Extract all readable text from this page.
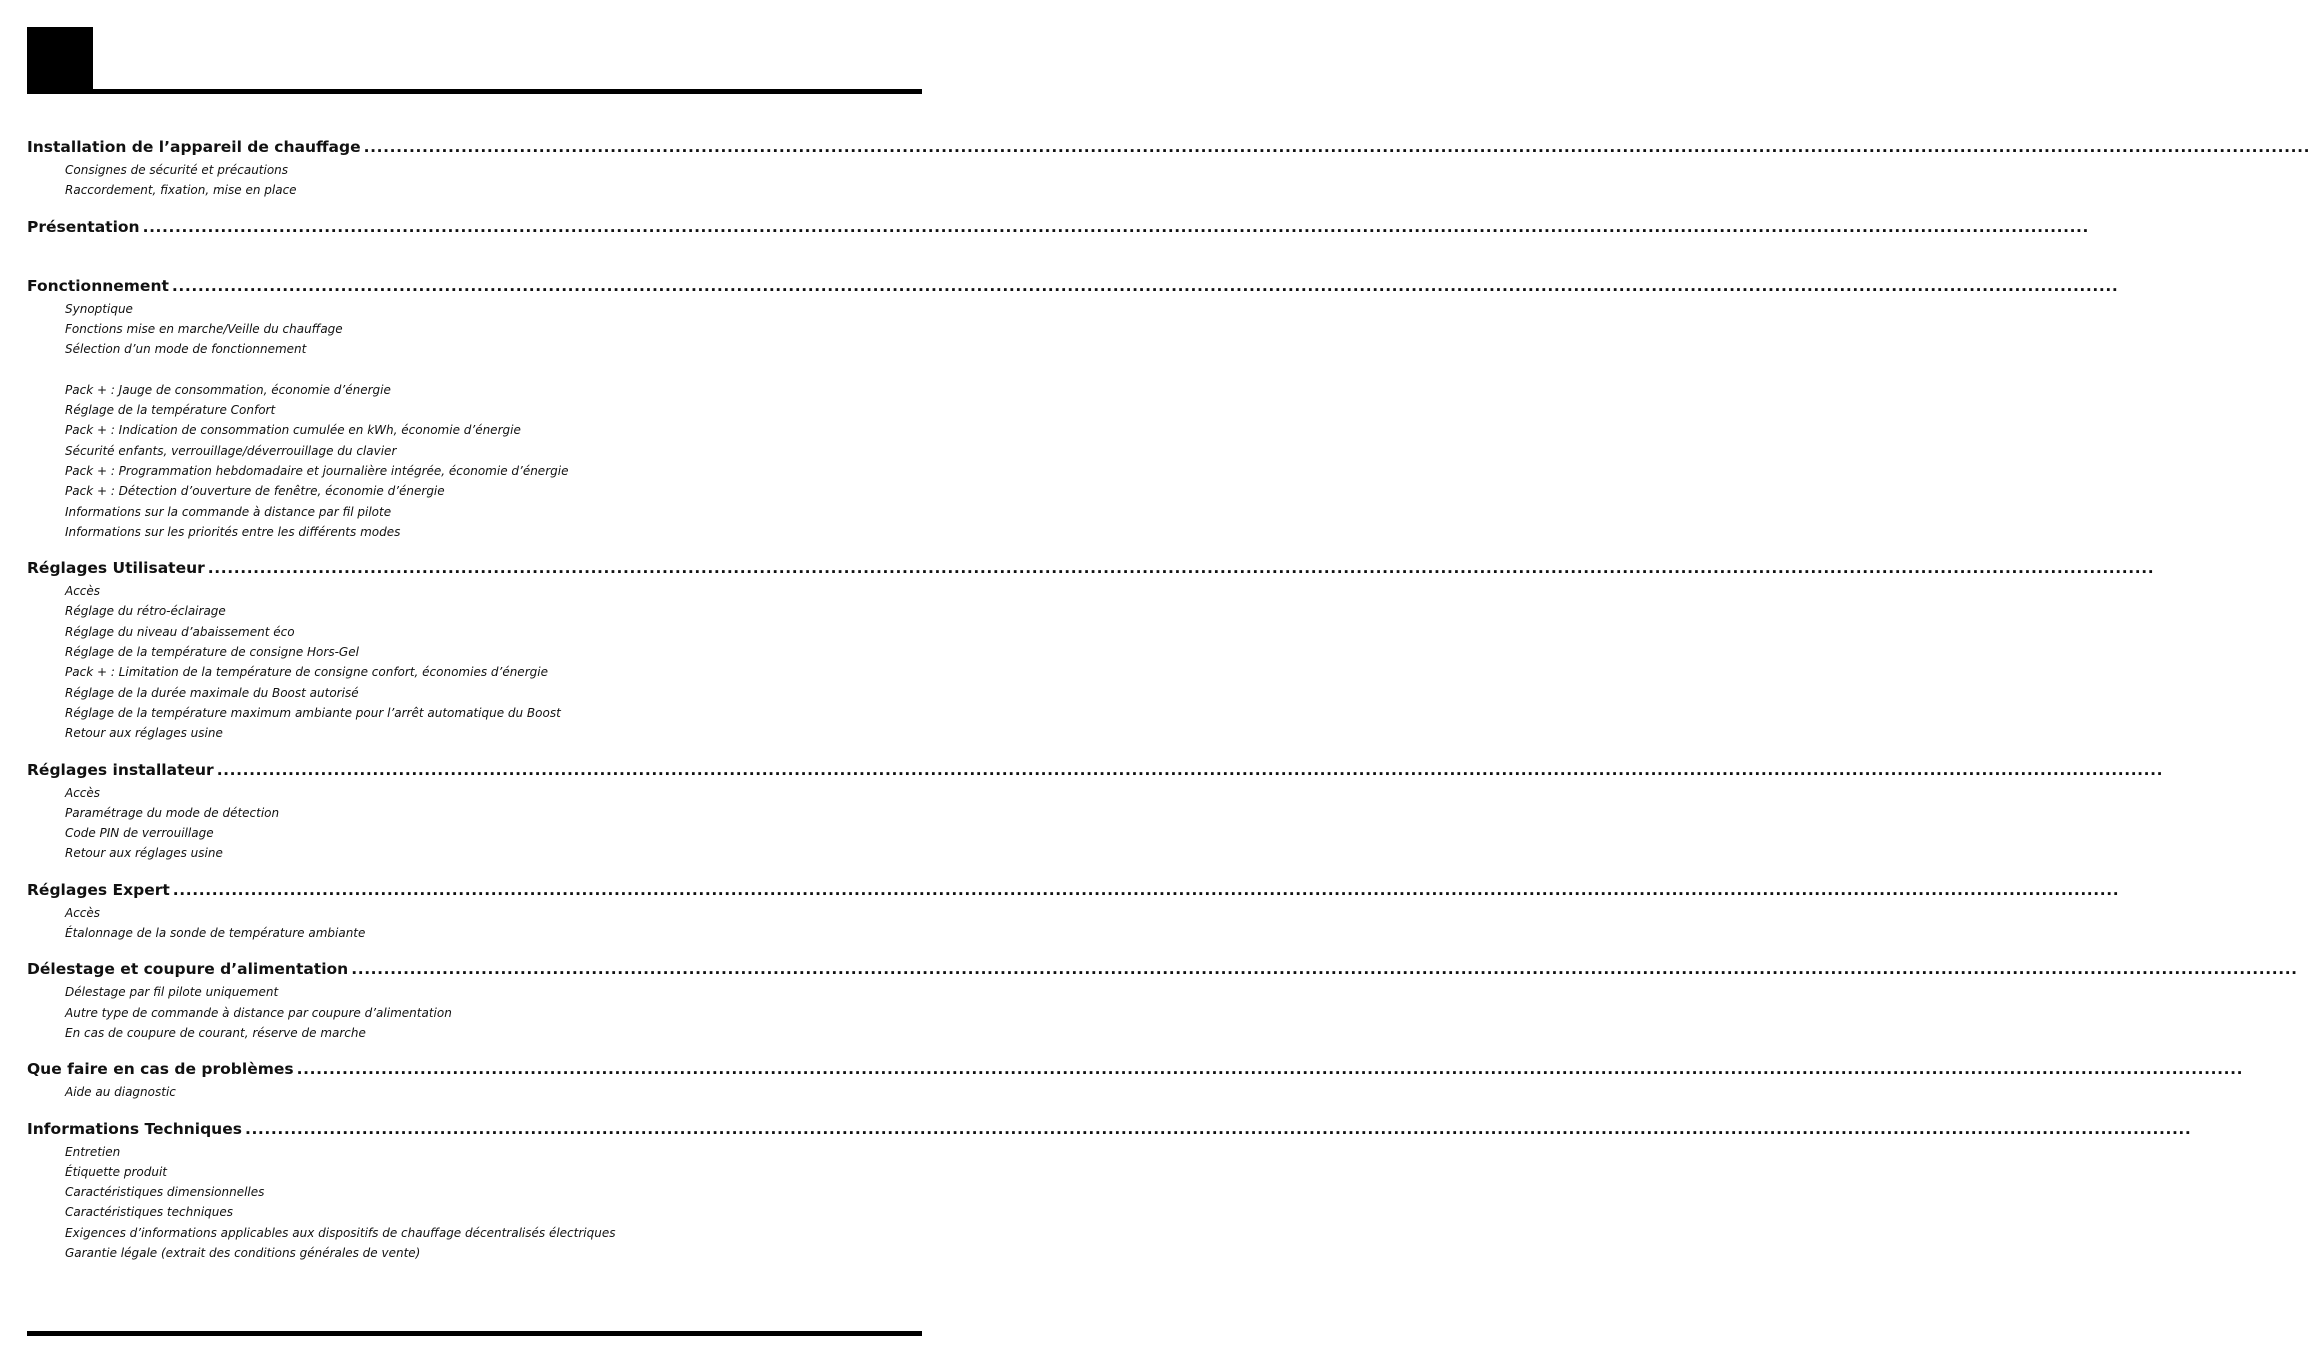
Installation de l’appareil de chauffage ............................................................................................................................................................................................................................................................................................................
Consignes de sécurité et précautions
Raccordement, fixation, mise en place
Présentation ............................................................................................................................................................................................................................................................................................................
Fonctionnement ............................................................................................................................................................................................................................................................................................................
Synoptique
Fonctions mise en marche/Veille du chauffage
Sélection d’un mode de fonctionnement
Pack + : Jauge de consommation, économie d’énergie
Réglage de la température Confort
Pack + : Indication de consommation cumulée en kWh, économie d’énergie
Sécurité enfants, verrouillage/déverrouillage du clavier
Pack + : Programmation hebdomadaire et journalière intégrée, économie d’énergie
Pack + : Détection d’ouverture de fenêtre, économie d’énergie
Informations sur la commande à distance par fil pilote
Informations sur les priorités entre les différents modes
Réglages Utilisateur ............................................................................................................................................................................................................................................................................................................
Accès
Réglage du rétro-éclairage
Réglage du niveau d’abaissement éco
Réglage de la température de consigne Hors-Gel
Pack + : Limitation de la température de consigne confort, économies d’énergie
Réglage de la durée maximale du Boost autorisé
Réglage de la température maximum ambiante pour l’arrêt automatique du Boost
Retour aux réglages usine
Réglages installateur ............................................................................................................................................................................................................................................................................................................
Accès
Paramétrage du mode de détection
Code PIN de verrouillage
Retour aux réglages usine
Réglages Expert ............................................................................................................................................................................................................................................................................................................
Accès
Étalonnage de la sonde de température ambiante
Délestage et coupure d’alimentation ............................................................................................................................................................................................................................................................................................................
Délestage par fil pilote uniquement
Autre type de commande à distance par coupure d’alimentation
En cas de coupure de courant, réserve de marche
Que faire en cas de problèmes ............................................................................................................................................................................................................................................................................................................
Aide au diagnostic
Informations Techniques ............................................................................................................................................................................................................................................................................................................
Entretien
Étiquette produit
Caractéristiques dimensionnelles
Caractéristiques techniques
Exigences d’informations applicables aux dispositifs de chauffage décentralisés électriques
Garantie légale (extrait des conditions générales de vente)
